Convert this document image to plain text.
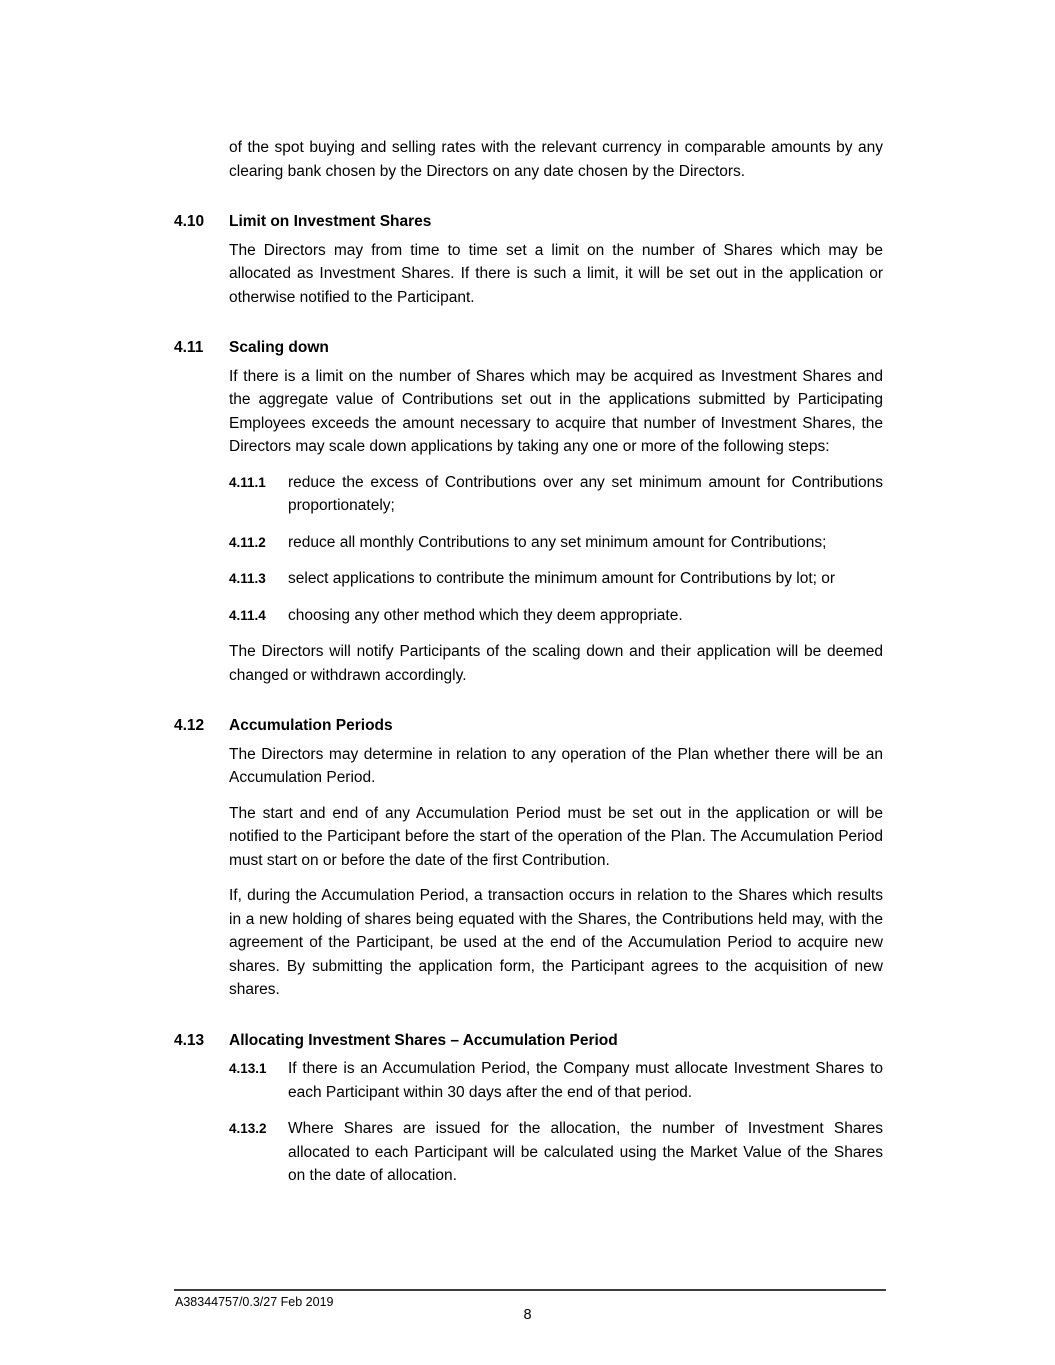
of the spot buying and selling rates with the relevant currency in comparable amounts by any clearing bank chosen by the Directors on any date chosen by the Directors.

4.10	Limit on Investment Shares

The Directors may from time to time set a limit on the number of Shares which may be allocated as Investment Shares. If there is such a limit, it will be set out in the application or otherwise notified to the Participant.

4.11	Scaling down

If there is a limit on the number of Shares which may be acquired as Investment Shares and the aggregate value of Contributions set out in the applications submitted by Participating Employees exceeds the amount necessary to acquire that number of Investment Shares, the Directors may scale down applications by taking any one or more of the following steps:

4.11.1	reduce the excess of Contributions over any set minimum amount for Contributions proportionately;
4.11.2	reduce all monthly Contributions to any set minimum amount for Contributions;
4.11.3	select applications to contribute the minimum amount for Contributions by lot; or
4.11.4	choosing any other method which they deem appropriate.

The Directors will notify Participants of the scaling down and their application will be deemed changed or withdrawn accordingly.

4.12	Accumulation Periods

The Directors may determine in relation to any operation of the Plan whether there will be an Accumulation Period.

The start and end of any Accumulation Period must be set out in the application or will be notified to the Participant before the start of the operation of the Plan. The Accumulation Period must start on or before the date of the first Contribution.

If, during the Accumulation Period, a transaction occurs in relation to the Shares which results in a new holding of shares being equated with the Shares, the Contributions held may, with the agreement of the Participant, be used at the end of the Accumulation Period to acquire new shares. By submitting the application form, the Participant agrees to the acquisition of new shares.

4.13	Allocating Investment Shares – Accumulation Period
4.13.1	If there is an Accumulation Period, the Company must allocate Investment Shares to each Participant within 30 days after the end of that period.
4.13.2	Where Shares are issued for the allocation, the number of Investment Shares allocated to each Participant will be calculated using the Market Value of the Shares on the date of allocation.
A38344757/0.3/27 Feb 2019
8
